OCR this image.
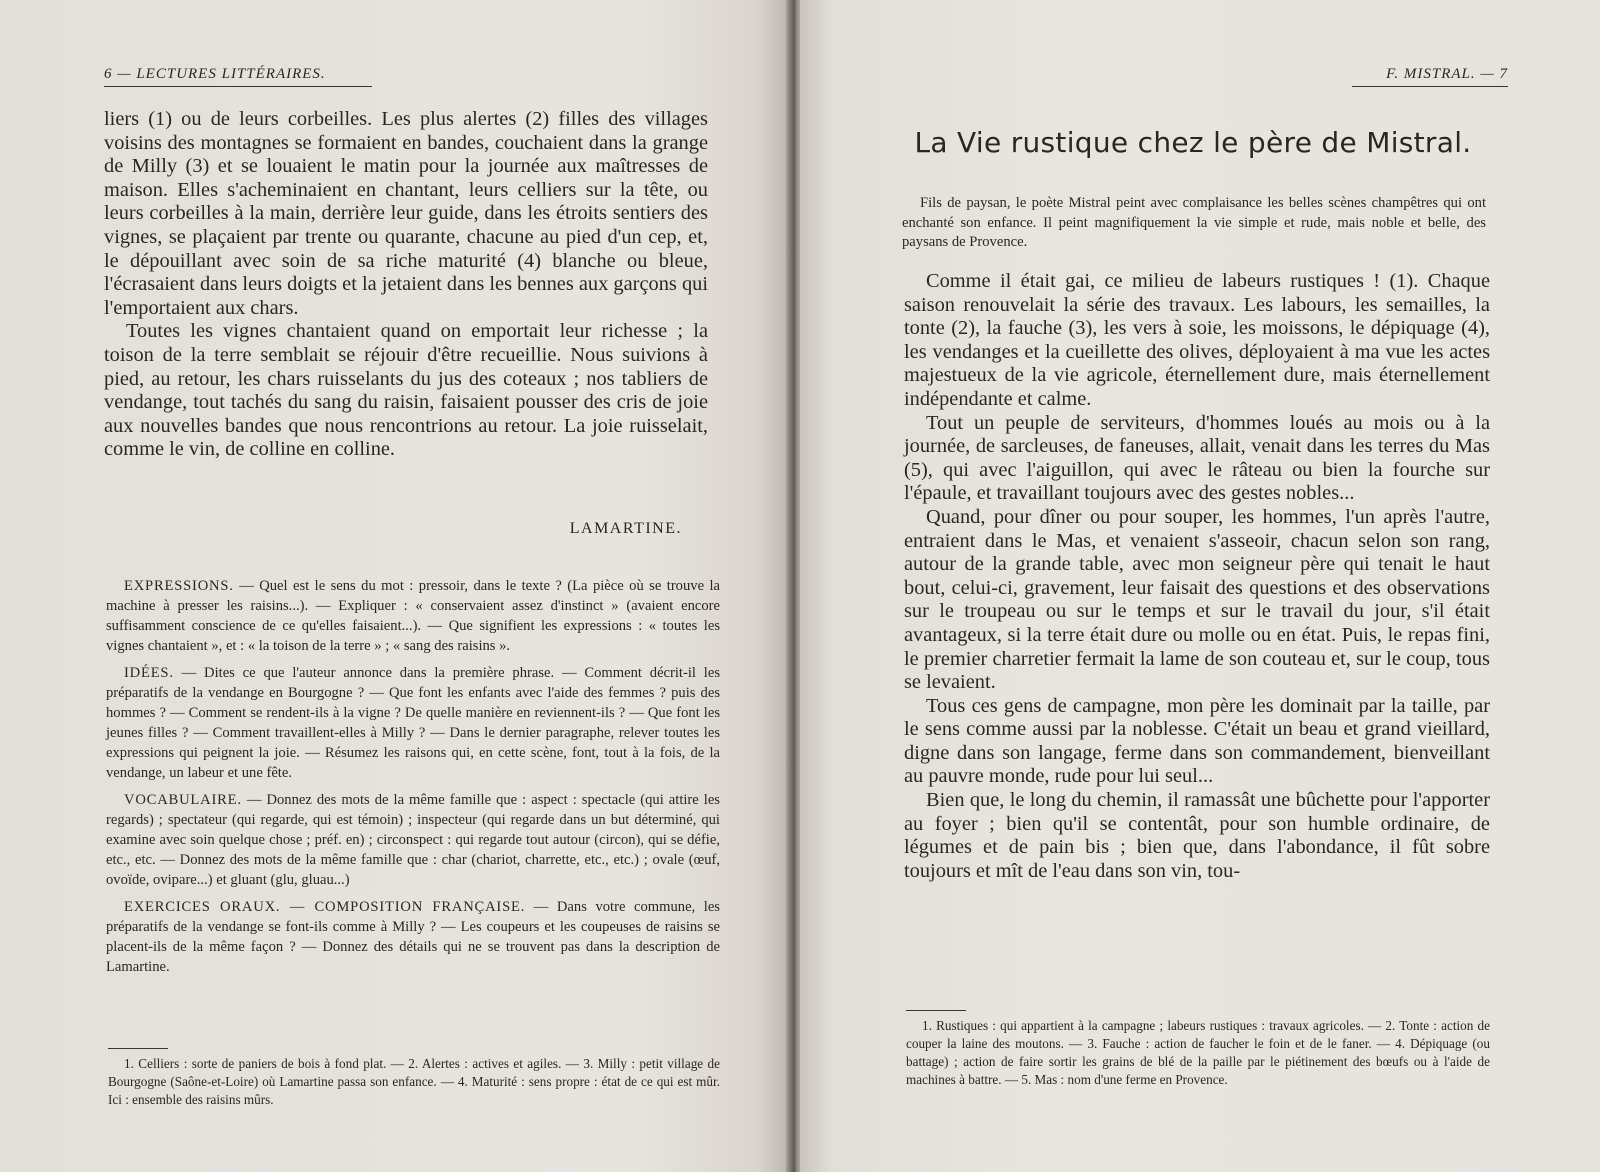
6 — LECTURES LITTÉRAIRES.

liers (1) ou de leurs corbeilles. Les plus alertes (2) filles des villages voisins des montagnes se formaient en bandes, couchaient dans la grange de Milly (3) et se louaient le matin pour la journée aux maîtresses de maison. Elles s'acheminaient en chantant, leurs celliers sur la tête, ou leurs corbeilles à la main, derrière leur guide, dans les étroits sentiers des vignes, se plaçaient par trente ou quarante, chacune au pied d'un cep, et, le dépouillant avec soin de sa riche maturité (4) blanche ou bleue, l'écrasaient dans leurs doigts et la jetaient dans les bennes aux garçons qui l'emportaient aux chars.

Toutes les vignes chantaient quand on emportait leur richesse ; la toison de la terre semblait se réjouir d'être recueillie. Nous suivions à pied, au retour, les chars ruisselants du jus des coteaux ; nos tabliers de vendange, tout tachés du sang du raisin, faisaient pousser des cris de joie aux nouvelles bandes que nous rencontrions au retour. La joie ruisselait, comme le vin, de colline en colline.

LAMARTINE.

EXPRESSIONS. — Quel est le sens du mot : pressoir, dans le texte ? (La pièce où se trouve la machine à presser les raisins...). — Expliquer : « conservaient assez d'instinct » (avaient encore suffisamment conscience de ce qu'elles faisaient...). — Que signifient les expressions : « toutes les vignes chantaient », et : « la toison de la terre » ; « sang des raisins ».

IDÉES. — Dites ce que l'auteur annonce dans la première phrase. — Comment décrit-il les préparatifs de la vendange en Bourgogne ? — Que font les enfants avec l'aide des femmes ? puis des hommes ? — Comment se rendent-ils à la vigne ? De quelle manière en reviennent-ils ? — Que font les jeunes filles ? — Comment travaillent-elles à Milly ? — Dans le dernier paragraphe, relever toutes les expressions qui peignent la joie. — Résumez les raisons qui, en cette scène, font, tout à la fois, de la vendange, un labeur et une fête.

VOCABULAIRE. — Donnez des mots de la même famille que : aspect : spectacle (qui attire les regards) ; spectateur (qui regarde, qui est témoin) ; inspecteur (qui regarde dans un but déterminé, qui examine avec soin quelque chose ; préf. en) ; circonspect : qui regarde tout autour (circon), qui se défie, etc., etc. — Donnez des mots de la même famille que : char (chariot, charrette, etc., etc.) ; ovale (œuf, ovoïde, ovipare...) et gluant (glu, gluau...)

EXERCICES ORAUX. — COMPOSITION FRANÇAISE. — Dans votre commune, les préparatifs de la vendange se font-ils comme à Milly ? — Les coupeurs et les coupeuses de raisins se placent-ils de la même façon ? — Donnez des détails qui ne se trouvent pas dans la description de Lamartine.

1. Celliers : sorte de paniers de bois à fond plat. — 2. Alertes : actives et agiles. — 3. Milly : petit village de Bourgogne (Saône-et-Loire) où Lamartine passa son enfance. — 4. Maturité : sens propre : état de ce qui est mûr. Ici : ensemble des raisins mûrs.

F. MISTRAL. — 7
La Vie rustique chez le père de Mistral.
Fils de paysan, le poète Mistral peint avec complaisance les belles scènes champêtres qui ont enchanté son enfance. Il peint magnifiquement la vie simple et rude, mais noble et belle, des paysans de Provence.

Comme il était gai, ce milieu de labeurs rustiques ! (1). Chaque saison renouvelait la série des travaux. Les labours, les semailles, la tonte (2), la fauche (3), les vers à soie, les moissons, le dépiquage (4), les vendanges et la cueillette des olives, déployaient à ma vue les actes majestueux de la vie agricole, éternellement dure, mais éternellement indépendante et calme.

Tout un peuple de serviteurs, d'hommes loués au mois ou à la journée, de sarcleuses, de faneuses, allait, venait dans les terres du Mas (5), qui avec l'aiguillon, qui avec le râteau ou bien la fourche sur l'épaule, et travaillant toujours avec des gestes nobles...

Quand, pour dîner ou pour souper, les hommes, l'un après l'autre, entraient dans le Mas, et venaient s'asseoir, chacun selon son rang, autour de la grande table, avec mon seigneur père qui tenait le haut bout, celui-ci, gravement, leur faisait des questions et des observations sur le troupeau ou sur le temps et sur le travail du jour, s'il était avantageux, si la terre était dure ou molle ou en état. Puis, le repas fini, le premier charretier fermait la lame de son couteau et, sur le coup, tous se levaient.

Tous ces gens de campagne, mon père les dominait par la taille, par le sens comme aussi par la noblesse. C'était un beau et grand vieillard, digne dans son langage, ferme dans son commandement, bienveillant au pauvre monde, rude pour lui seul...

Bien que, le long du chemin, il ramassât une bûchette pour l'apporter au foyer ; bien qu'il se contentât, pour son humble ordinaire, de légumes et de pain bis ; bien que, dans l'abondance, il fût sobre toujours et mît de l'eau dans son vin, tou-

1. Rustiques : qui appartient à la campagne ; labeurs rustiques : travaux agricoles. — 2. Tonte : action de couper la laine des moutons. — 3. Fauche : action de faucher le foin et de le faner. — 4. Dépiquage (ou battage) ; action de faire sortir les grains de blé de la paille par le piétinement des bœufs ou à l'aide de machines à battre. — 5. Mas : nom d'une ferme en Provence.
